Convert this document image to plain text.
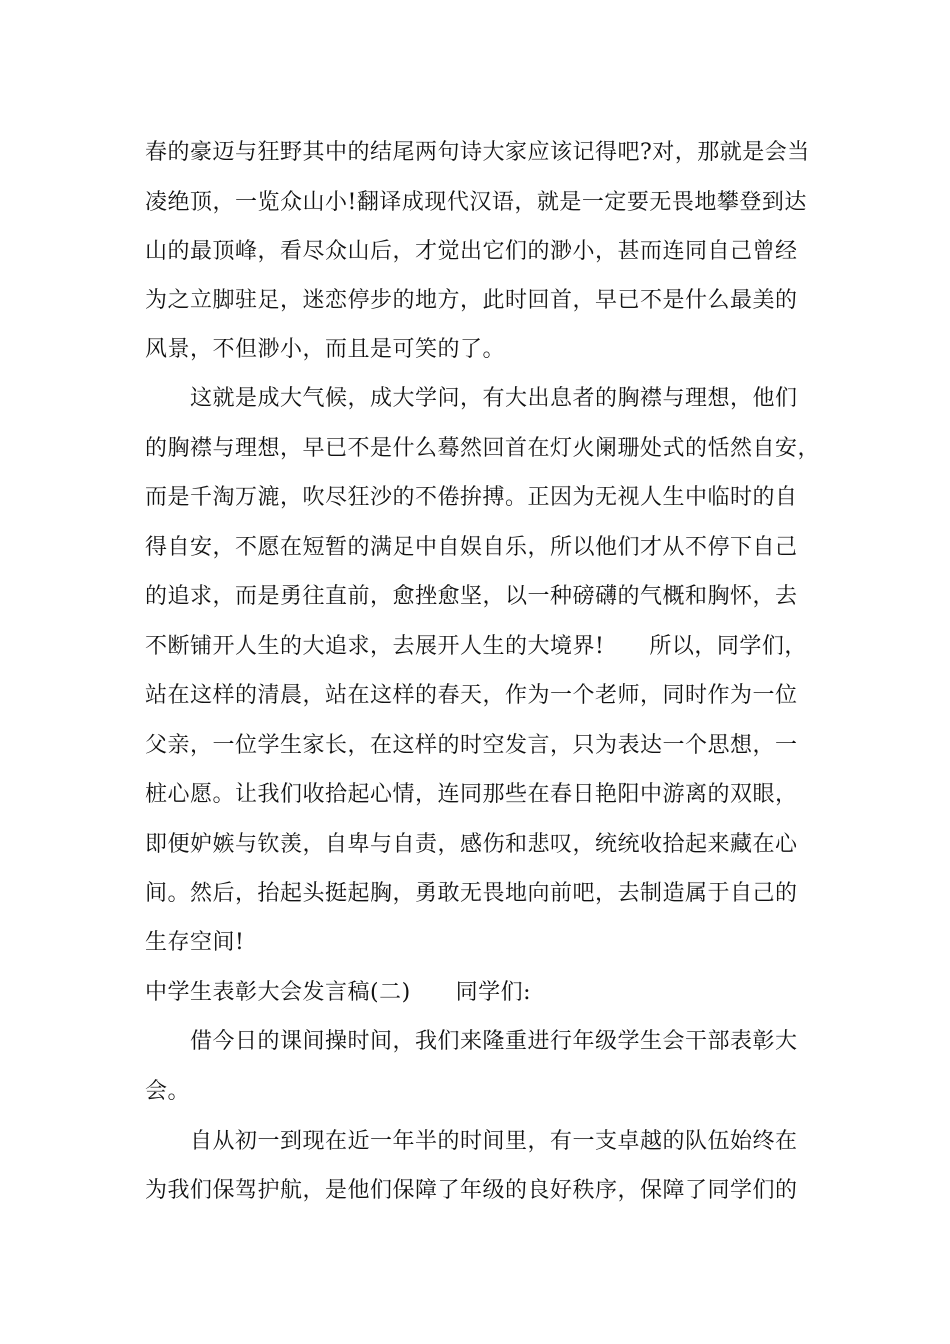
春的豪迈与狂野其中的结尾两句诗大家应该记得吧?对，那就是会当
凌绝顶，一览众山小!翻译成现代汉语，就是一定要无畏地攀登到达
山的最顶峰，看尽众山后，才觉出它们的渺小，甚而连同自己曾经
为之立脚驻足，迷恋停步的地方，此时回首，早已不是什么最美的
风景，不但渺小，而且是可笑的了。
这就是成大气候，成大学问，有大出息者的胸襟与理想，他们
的胸襟与理想，早已不是什么蓦然回首在灯火阑珊处式的恬然自安，
而是千淘万漉，吹尽狂沙的不倦拚搏。正因为无视人生中临时的自
得自安，不愿在短暂的满足中自娱自乐，所以他们才从不停下自己
的追求，而是勇往直前，愈挫愈坚，以一种磅礴的气概和胸怀，去
不断铺开人生的大追求，去展开人生的大境界!　　所以，同学们，
站在这样的清晨，站在这样的春天，作为一个老师，同时作为一位
父亲，一位学生家长，在这样的时空发言，只为表达一个思想，一
桩心愿。让我们收拾起心情，连同那些在春日艳阳中游离的双眼，
即便妒嫉与钦羡，自卑与自责，感伤和悲叹，统统收拾起来藏在心
间。然后，抬起头挺起胸，勇敢无畏地向前吧，去制造属于自己的
生存空间!
中学生表彰大会发言稿(二)　　同学们:
借今日的课间操时间，我们来隆重进行年级学生会干部表彰大
会。
自从初一到现在近一年半的时间里，有一支卓越的队伍始终在
为我们保驾护航，是他们保障了年级的良好秩序，保障了同学们的
